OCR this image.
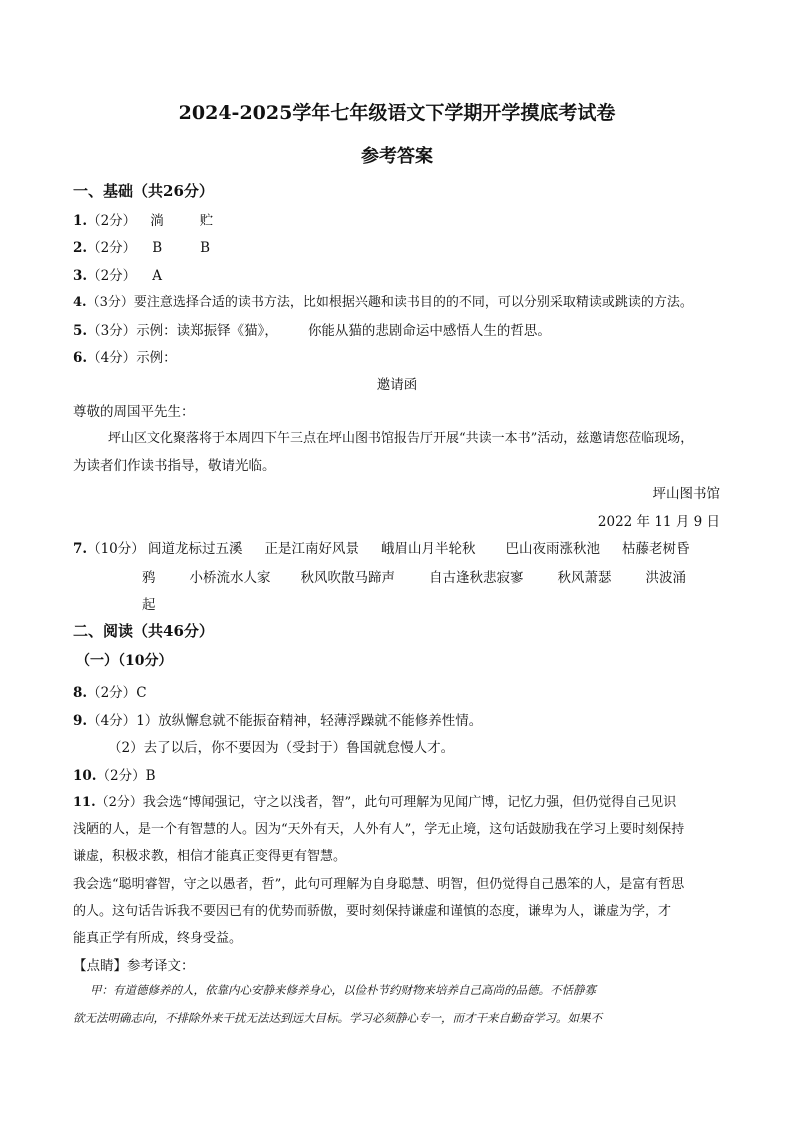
2024-2025学年七年级语文下学期开学摸底考试卷
参考答案
一、基础（共26分）
1.（2分） 淌	贮
2.（2分） B	B
3.（2分） A
4.（3分）要注意选择合适的读书方法，比如根据兴趣和读书目的的不同，可以分别采取精读或跳读的方法。
5.（3分）示例：读郑振铎《猫》， 你能从猫的悲剧命运中感悟人生的哲思。
6.（4分）示例：
邀请函
尊敬的周国平先生：
坪山区文化聚落将于本周四下午三点在坪山图书馆报告厅开展“共读一本书”活动，兹邀请您莅临现场，
为读者们作读书指导，敬请光临。
坪山图书馆
2022 年 11 月 9 日
7.（10分） 闾道龙标过五溪 正是江南好风景 峨眉山月半轮秋 巴山夜雨涨秋池 枯藤老树昏
鸦	小桥流水人家 秋风吹散马蹄声	自古逢秋悲寂寥	秋风萧瑟	洪波涌
起
二、阅读（共46分）
（一）（10分）
8.（2分）C
9.（4分）1）放纵懈怠就不能振奋精神，轻薄浮躁就不能修养性情。
（2）去了以后，你不要因为（受封于）鲁国就怠慢人才。
10.（2分）B
11.（2分）我会选“博闻强记，守之以浅者，智”，此句可理解为见闻广博，记忆力强，但仍觉得自己见识
浅陋的人，是一个有智慧的人。因为“天外有天，人外有人”，学无止境，这句话鼓励我在学习上要时刻保持
谦虚，积极求教，相信才能真正变得更有智慧。
我会选“聪明睿智，守之以愚者，哲”，此句可理解为自身聪慧、明智，但仍觉得自己愚笨的人，是富有哲思
的人。这句话告诉我不要因已有的优势而骄傲，要时刻保持谦虚和谨慎的态度，谦卑为人，谦虚为学，才
能真正学有所成，终身受益。
【点睛】参考译文：
甲：有道德修养的人，依靠内心安静来修养身心，以俭朴节约财物来培养自己高尚的品德。不恬静寡
欲无法明确志向，不排除外来干扰无法达到远大目标。学习必须静心专一，而才干来自勤奋学习。如果不
